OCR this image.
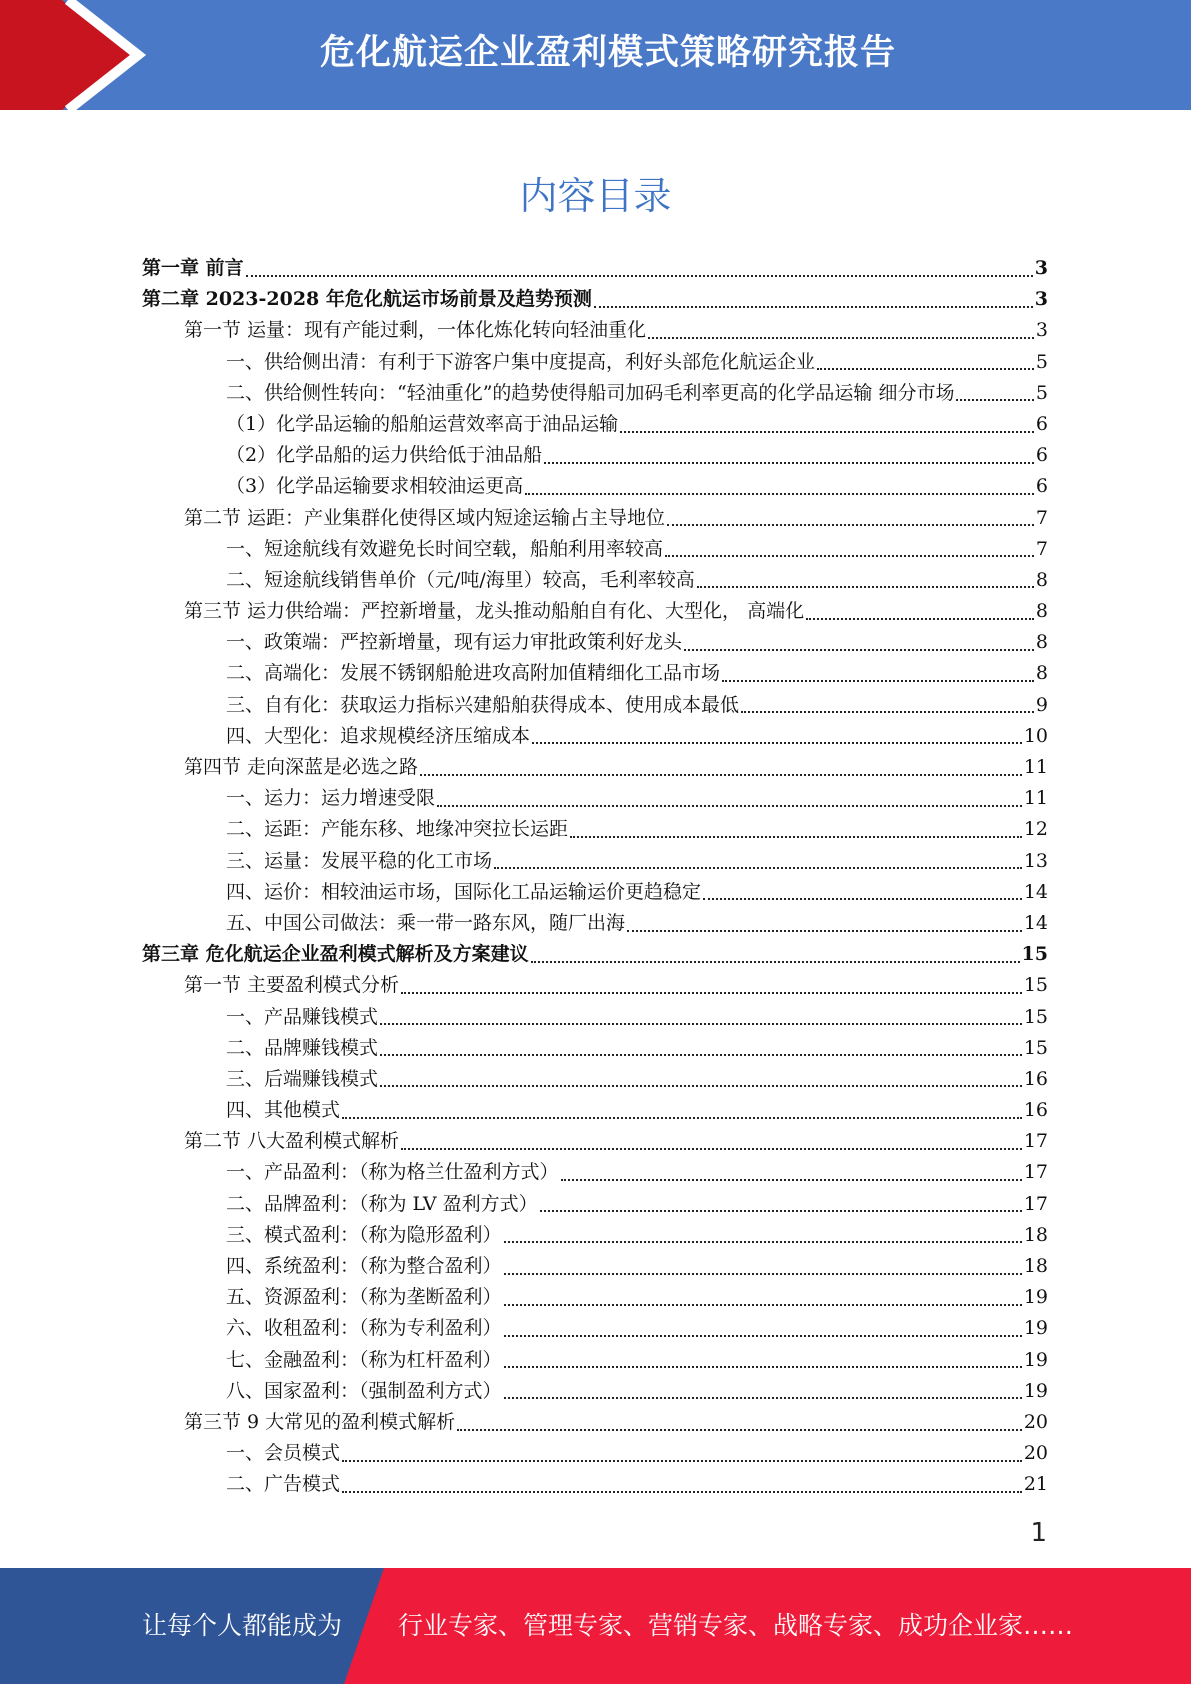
危化航运企业盈利模式策略研究报告
内容目录
第一章 前言	3
第二章 2023-2028 年危化航运市场前景及趋势预测	3
第一节 运量：现有产能过剩，一体化炼化转向轻油重化	3
一、供给侧出清：有利于下游客户集中度提高，利好头部危化航运企业	5
二、供给侧性转向：“轻油重化”的趋势使得船司加码毛利率更高的化学品运输 细分市场	5
（1）化学品运输的船舶运营效率高于油品运输	6
（2）化学品船的运力供给低于油品船	6
（3）化学品运输要求相较油运更高	6
第二节 运距：产业集群化使得区域内短途运输占主导地位	7
一、短途航线有效避免长时间空载，船舶利用率较高	7
二、短途航线销售单价（元/吨/海里）较高，毛利率较高	8
第三节 运力供给端：严控新增量，龙头推动船舶自有化、大型化， 高端化	8
一、政策端：严控新增量，现有运力审批政策利好龙头	8
二、高端化：发展不锈钢船舱进攻高附加值精细化工品市场	8
三、自有化：获取运力指标兴建船舶获得成本、使用成本最低	9
四、大型化：追求规模经济压缩成本	10
第四节 走向深蓝是必选之路	11
一、运力：运力增速受限	11
二、运距：产能东移、地缘冲突拉长运距	12
三、运量：发展平稳的化工市场	13
四、运价：相较油运市场，国际化工品运输运价更趋稳定	14
五、中国公司做法：乘一带一路东风，随厂出海	14
第三章 危化航运企业盈利模式解析及方案建议	15
第一节 主要盈利模式分析	15
一、产品赚钱模式	15
二、品牌赚钱模式	15
三、后端赚钱模式	16
四、其他模式	16
第二节 八大盈利模式解析	17
一、产品盈利：（称为格兰仕盈利方式）	17
二、品牌盈利：（称为 LV 盈利方式）	17
三、模式盈利：（称为隐形盈利）	18
四、系统盈利：（称为整合盈利）	18
五、资源盈利：（称为垄断盈利）	19
六、收租盈利：（称为专利盈利）	19
七、金融盈利：（称为杠杆盈利）	19
八、国家盈利：（强制盈利方式）	19
第三节 9 大常见的盈利模式解析	20
一、会员模式	20
二、广告模式	21
1
让每个人都能成为 行业专家、管理专家、营销专家、战略专家、成功企业家……
